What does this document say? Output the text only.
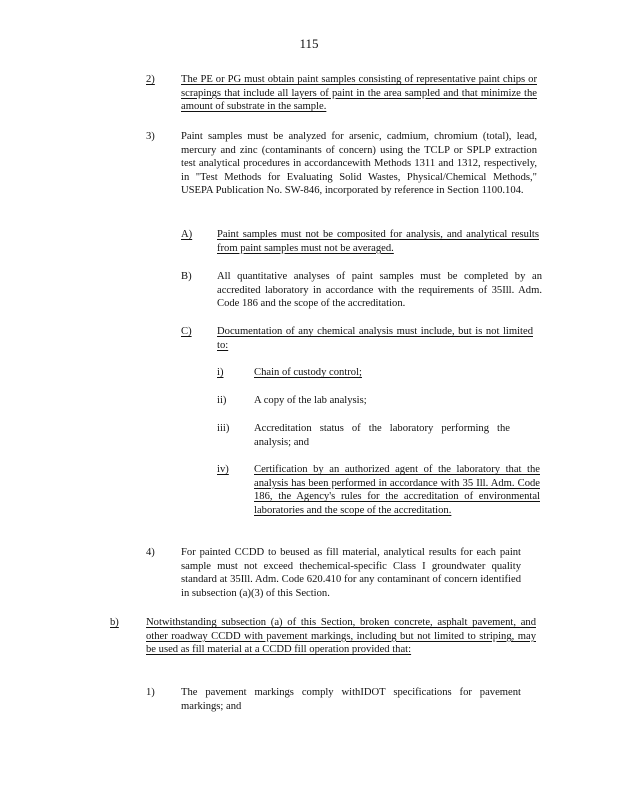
115
2) The PE or PG must obtain paint samples consisting of representative paint chips or scrapings that include all layers of paint in the area sampled and that minimize the amount of substrate in the sample.
3) Paint samples must be analyzed for arsenic, cadmium, chromium (total), lead, mercury and zinc (contaminants of concern) using the TCLP or SPLP extraction test analytical procedures in accordancewith Methods 1311 and 1312, respectively, in "Test Methods for Evaluating Solid Wastes, Physical/Chemical Methods," USEPA Publication No. SW-846, incorporated by reference in Section 1100.104.
A) Paint samples must not be composited for analysis, and analytical results from paint samples must not be averaged.
B) All quantitative analyses of paint samples must be completed by an accredited laboratory in accordance with the requirements of 35Ill. Adm. Code 186 and the scope of the accreditation.
C) Documentation of any chemical analysis must include, but is not limited to:
i)	Chain of custody control;
ii)	A copy of the lab analysis;
iii) Accreditation status of the laboratory performing the analysis; and
iv) Certification by an authorized agent of the laboratory that the analysis has been performed in accordance with 35 Ill. Adm. Code 186, the Agency's rules for the accreditation of environmental laboratories and the scope of the accreditation.
4) For painted CCDD to beused as fill material, analytical results for each paint sample must not exceed thechemical-specific Class I groundwater quality standard at 35Ill. Adm. Code 620.410 for any contaminant of concern identified in subsection (a)(3) of this Section.
b)	Notwithstanding subsection (a) of this Section, broken concrete, asphalt pavement, and other roadway CCDD with pavement markings, including but not limited to striping, may be used as fill material at a CCDD fill operation provided that:
1) The pavement markings comply withIDOT specifications for pavement markings; and
